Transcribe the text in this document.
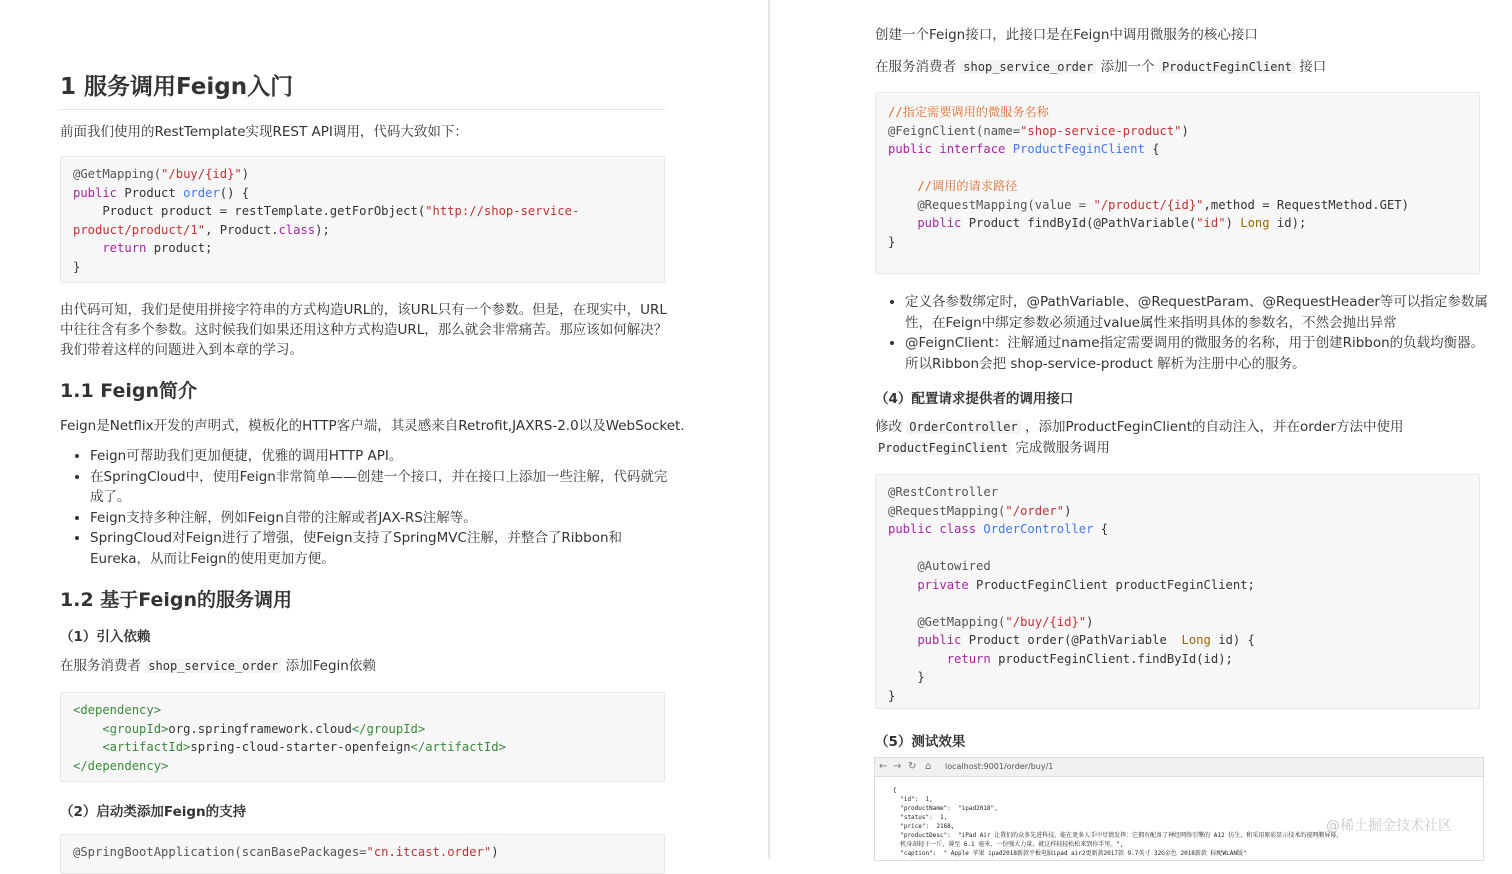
1 服务调用Feign入门
前面我们使用的RestTemplate实现REST API调用，代码大致如下：
@GetMapping("/buy/{id}")
public Product order() {
Product product = restTemplate.getForObject("http://shop-service-
product/product/1", Product.class);
return product;
}
由代码可知，我们是使用拼接字符串的方式构造URL的，该URL只有一个参数。但是，在现实中，URL
中往往含有多个参数。这时候我们如果还用这种方式构造URL，那么就会非常痛苦。那应该如何解决？
我们带着这样的问题进入到本章的学习。
1.1 Feign简介
Feign是Netflix开发的声明式，模板化的HTTP客户端，其灵感来自Retrofit,JAXRS-2.0以及WebSocket.
• Feign可帮助我们更加便捷，优雅的调用HTTP API。
• 在SpringCloud中，使用Feign非常简单——创建一个接口，并在接口上添加一些注解，代码就完成了。
• Feign支持多种注解，例如Feign自带的注解或者JAX-RS注解等。
• SpringCloud对Feign进行了增强，使Feign支持了SpringMVC注解，并整合了Ribbon和Eureka，从而让Feign的使用更加方便。
1.2 基于Feign的服务调用
（1）引入依赖
在服务消费者 shop_service_order 添加Fegin依赖
<dependency>
<groupId>org.springframework.cloud</groupId>
<artifactId>spring-cloud-starter-openfeign</artifactId>
</dependency>
（2）启动类添加Feign的支持
@SpringBootApplication(scanBasePackages="cn.itcast.order")
创建一个Feign接口，此接口是在Feign中调用微服务的核心接口
在服务消费者 shop_service_order 添加一个 ProductFeginClient 接口
//指定需要调用的微服务名称
@FeignClient(name="shop-service-product")
public interface ProductFeginClient {

//调用的请求路径
@RequestMapping(value = "/product/{id}",method = RequestMethod.GET)
public Product findById(@PathVariable("id") Long id);
}
• 定义各参数绑定时，@PathVariable、@RequestParam、@RequestHeader等可以指定参数属性，在Feign中绑定参数必须通过value属性来指明具体的参数名，不然会抛出异常
• @FeignClient：注解通过name指定需要调用的微服务的名称，用于创建Ribbon的负载均衡器。所以Ribbon会把 shop-service-product 解析为注册中心的服务。
（4）配置请求提供者的调用接口
修改 OrderController ，添加ProductFeginClient的自动注入，并在order方法中使用
ProductFeginClient 完成微服务调用
@RestController
@RequestMapping("/order")
public class OrderController {

@Autowired
private ProductFeginClient productFeginClient;

@GetMapping("/buy/{id}")
public Product order(@PathVariable  Long id) {
return productFeginClient.findById(id);
}
}
（5）测试效果
← → ↻ ⌂ localhost:9001/order/buy/1
{
"id":  1,
"productName":  "ipad2018",
"status":  1,
"price":  2168,
"productDesc":  "iPad Air 让我们的众多先进科技，能在更多人手中尽情发挥：它拥有配备了神经网络引擎的 A12 仿生，和采用原彩显示技术的视网膜屏幕，
机身却轻于一斤，薄至 6.1 毫米，一份强大力量，就这样轻轻松松来到你手里。",
"caption":  " Apple 苹果 ipad2018新款平板电脑ipad air2更新款2017款 9.7英寸 32G金色 2018新款 标配WLAN版"
@稀土掘金技术社区
